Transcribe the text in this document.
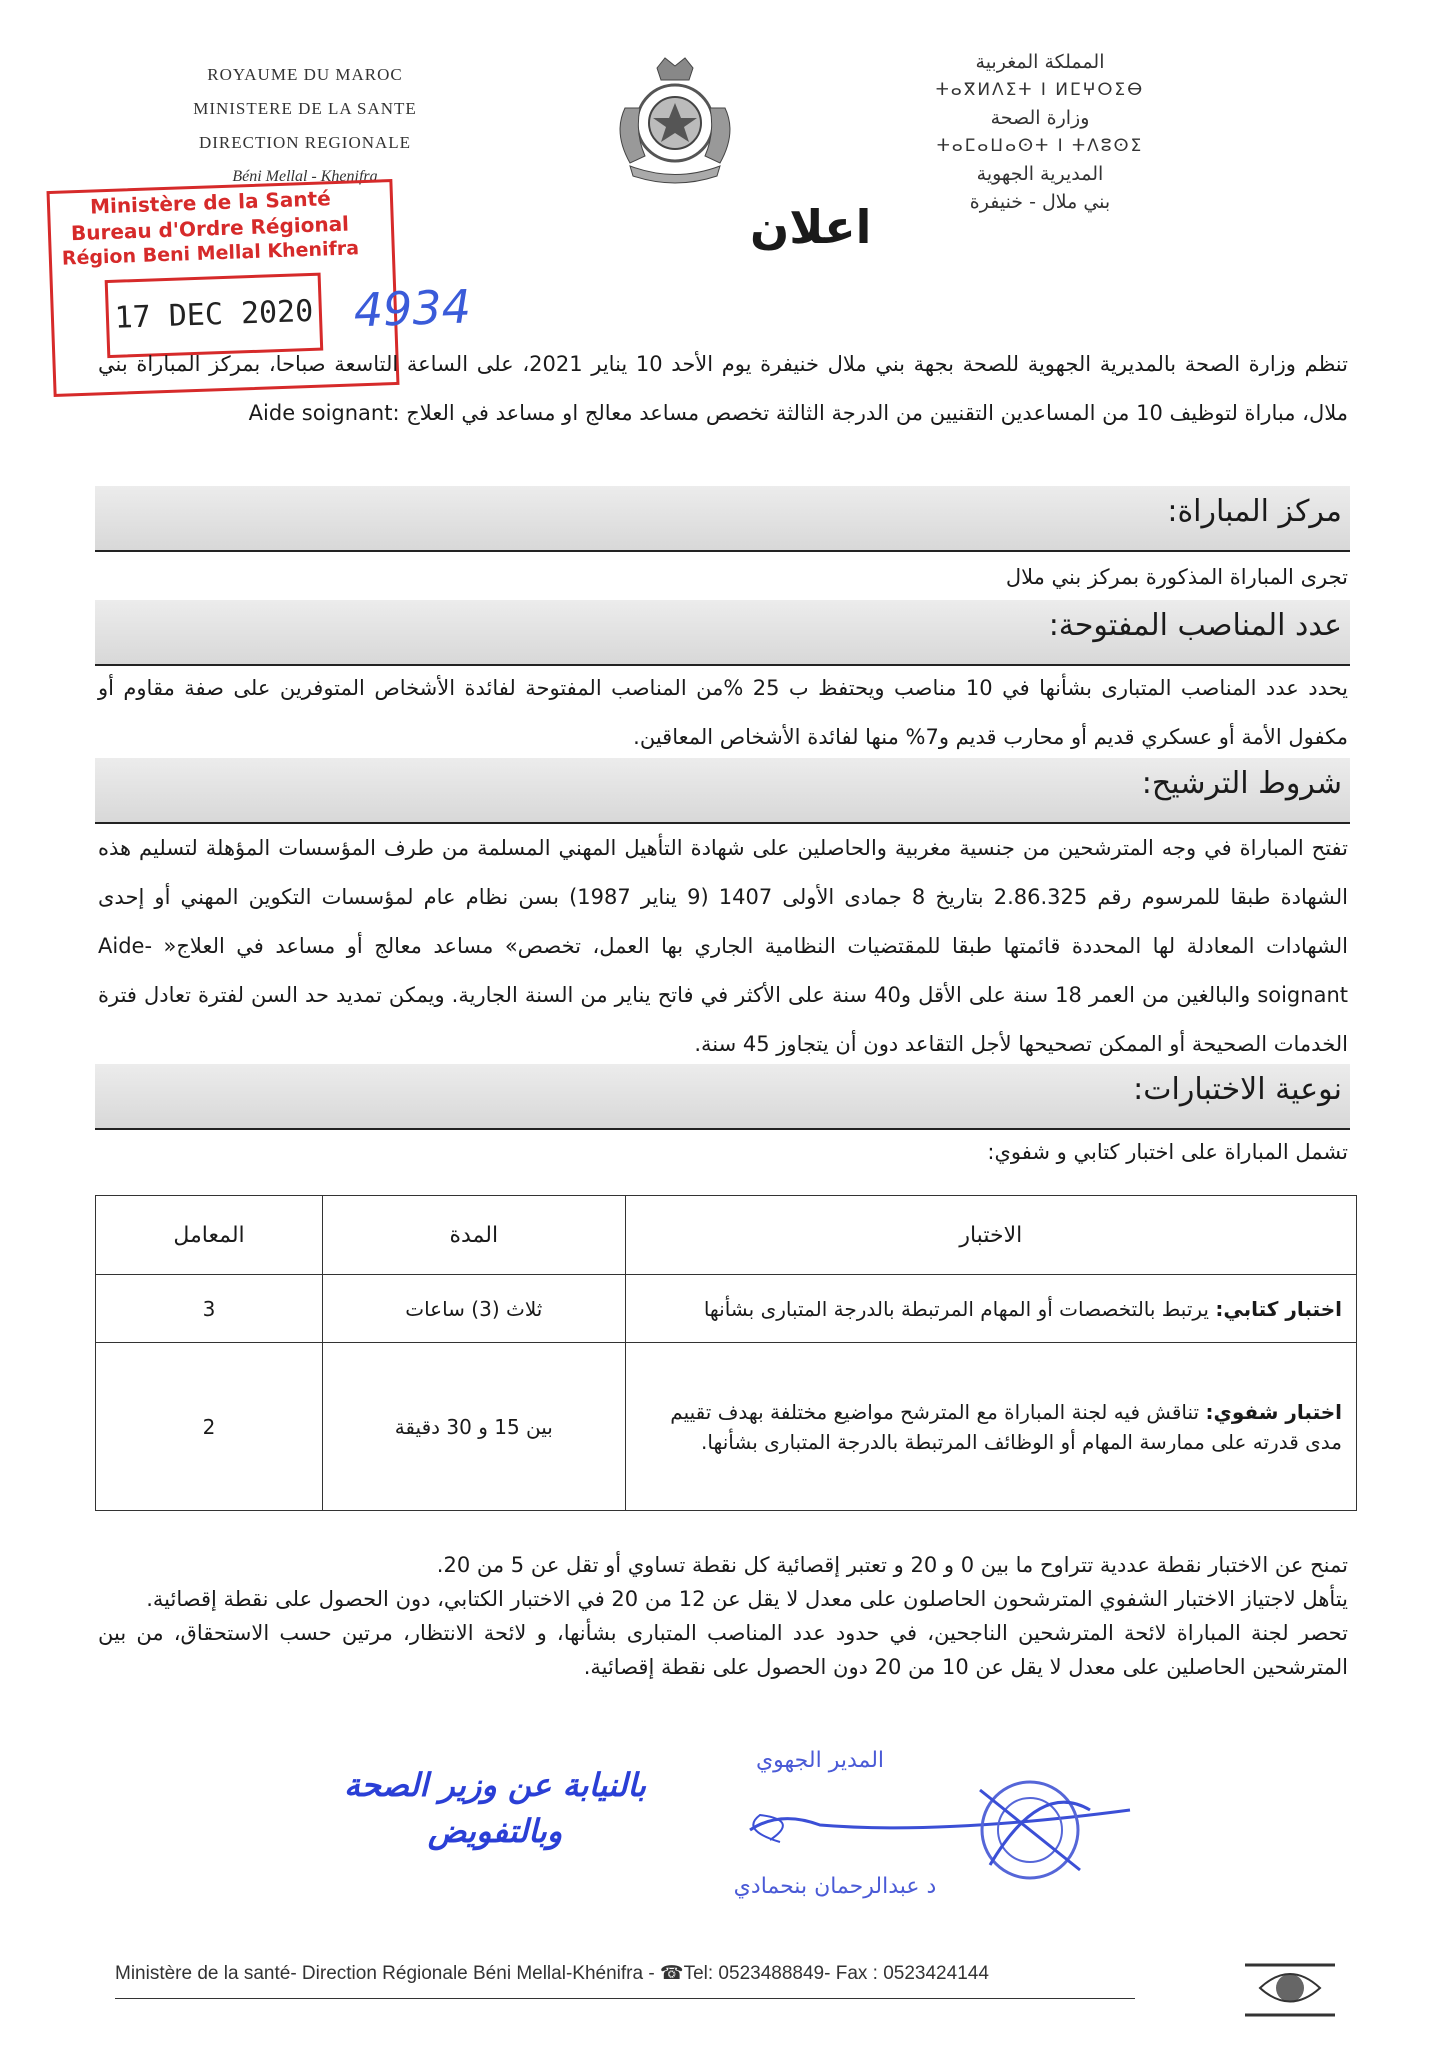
ROYAUME DU MAROC
MINISTERE DE LA SANTE
DIRECTION REGIONALE
Béni Mellal - Khenifra
المملكة المغربية
ⵜⴰⴳⵍⴷⵉⵜ ⵏ ⵍⵎⵖⵔⵉⴱ
وزارة الصحة
ⵜⴰⵎⴰⵡⴰⵙⵜ ⵏ ⵜⴷⵓⵙⵉ
المديرية الجهوية
بني ملال - خنيفرة
Ministère de la Santé
Bureau d'Ordre Régional
Région Beni Mellal Khenifra
17 DEC 2020 4934
اعلان
تنظم وزارة الصحة بالمديرية الجهوية للصحة بجهة بني ملال خنيفرة يوم الأحد 10 يناير 2021، على الساعة التاسعة صباحا، بمركز المباراة بني ملال، مباراة لتوظيف 10 من المساعدين التقنيين من الدرجة الثالثة تخصص مساعد معالج او مساعد في العلاج :Aide soignant
مركز المباراة:
تجرى المباراة المذكورة بمركز بني ملال
عدد المناصب المفتوحة:
يحدد عدد المناصب المتبارى بشأنها في 10 مناصب ويحتفظ ب 25 %من المناصب المفتوحة لفائدة الأشخاص المتوفرين على صفة مقاوم أو مكفول الأمة أو عسكري قديم أو محارب قديم و7% منها لفائدة الأشخاص المعاقين.
شروط الترشيح:
تفتح المباراة في وجه المترشحين من جنسية مغربية والحاصلين على شهادة التأهيل المهني المسلمة من طرف المؤسسات المؤهلة لتسليم هذه الشهادة طبقا للمرسوم رقم 2.86.325 بتاريخ 8 جمادى الأولى 1407 (9 يناير 1987) بسن نظام عام لمؤسسات التكوين المهني أو إحدى الشهادات المعادلة لها المحددة قائمتها طبقا للمقتضيات النظامية الجاري بها العمل، تخصص» مساعد معالج أو مساعد في العلاج« Aide-soignant والبالغين من العمر 18 سنة على الأقل و40 سنة على الأكثر في فاتح يناير من السنة الجارية. ويمكن تمديد حد السن لفترة تعادل فترة الخدمات الصحيحة أو الممكن تصحيحها لأجل التقاعد دون أن يتجاوز 45 سنة.
نوعية الاختبارات:
تشمل المباراة على اختبار كتابي و شفوي:
الاختبار	المدة	المعامل
اختبار كتابي: يرتبط بالتخصصات أو المهام المرتبطة بالدرجة المتبارى بشأنها	ثلاث (3) ساعات	3
اختبار شفوي: تناقش فيه لجنة المباراة مع المترشح مواضيع مختلفة بهدف تقييم مدى قدرته على ممارسة المهام أو الوظائف المرتبطة بالدرجة المتبارى بشأنها.	بين 15 و 30 دقيقة	2
تمنح عن الاختبار نقطة عددية تتراوح ما بين 0 و 20 و تعتبر إقصائية كل نقطة تساوي أو تقل عن 5 من 20.
يتأهل لاجتياز الاختبار الشفوي المترشحون الحاصلون على معدل لا يقل عن 12 من 20 في الاختبار الكتابي، دون الحصول على نقطة إقصائية.
تحصر لجنة المباراة لائحة المترشحين الناجحين، في حدود عدد المناصب المتبارى بشأنها، و لائحة الانتظار، مرتين حسب الاستحقاق، من بين المترشحين الحاصلين على معدل لا يقل عن 10 من 20 دون الحصول على نقطة إقصائية.
بالنيابة عن وزير الصحة
وبالتفويض
المدير الجهوي
د عبدالرحمان بنحمادي
Ministère de la santé- Direction Régionale Béni Mellal-Khénifra - ☎Tel: 0523488849- Fax : 0523424144
